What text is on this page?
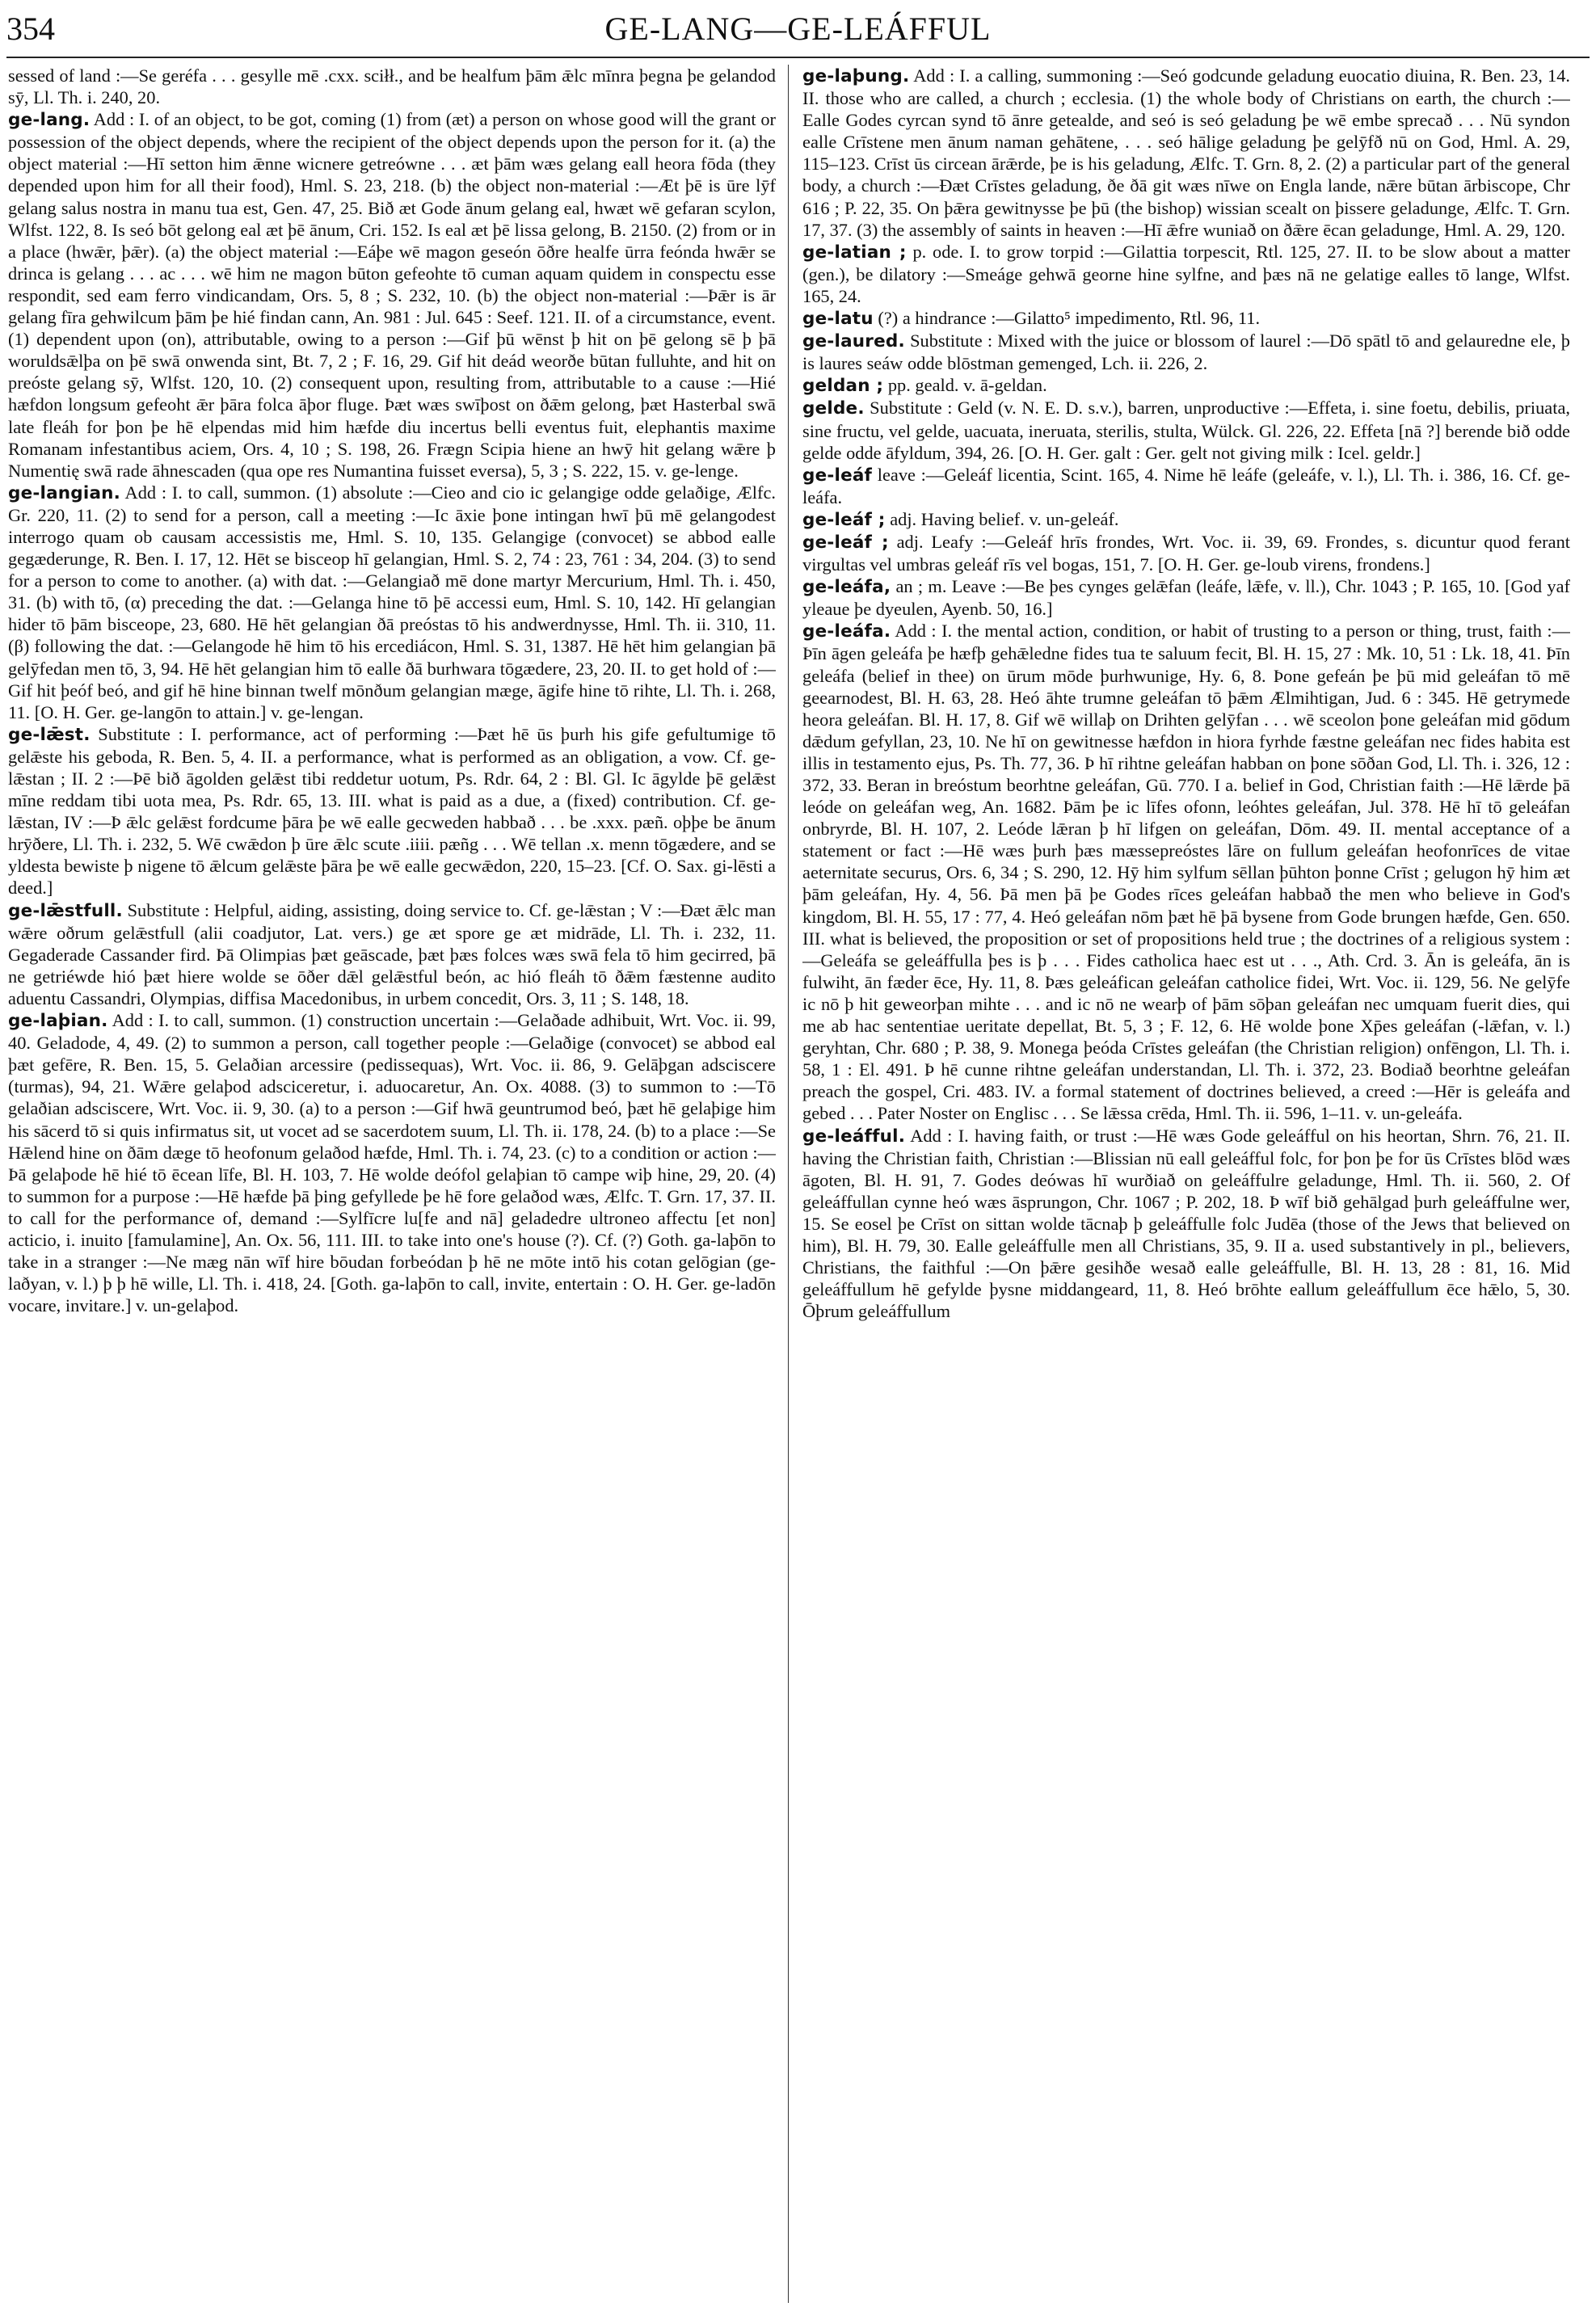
354	GE-LANG—GE-LEÁFFUL

sessed of land :—Se geréfa . . . gesylle mē .cxx. sciłł., and be healfum þām ǣlc mīnra þegna þe gelandod sȳ, Ll. Th. i. 240, 20.

ge-lang. Add : I. of an object, to be got, coming (1) from (æt) a person on whose good will the grant or possession of the object depends, where the recipient of the object depends upon the person for it. (a) the object material :—Hī setton him ǣnne wicnere getreówne . . . æt þām wæs gelang eall heora fōda (they depended upon him for all their food), Hml. S. 23, 218. (b) the object non-material :—Æt þē is ūre lȳf gelang salus nostra in manu tua est, Gen. 47, 25. Bið æt Gode ānum gelang eal, hwæt wē gefaran scylon, Wlfst. 122, 8. Is seó bōt gelong eal æt þē ānum, Cri. 152. Is eal æt þē lissa gelong, B. 2150. (2) from or in a place (hwǣr, þǣr). (a) the object material :—Eáþe wē magon geseón ōðre healfe ūrra feónda hwǣr se drinca is gelang . . . ac . . . wē him ne magon būton gefeohte tō cuman aquam quidem in conspectu esse respondit, sed eam ferro vindicandam, Ors. 5, 8 ; S. 232, 10. (b) the object non-material :—Þǣr is ār gelang fīra gehwilcum þām þe hié findan cann, An. 981 : Jul. 645 : Seef. 121. II. of a circumstance, event. (1) dependent upon (on), attributable, owing to a person :—Gif þū wēnst þ hit on þē gelong sē þ þā woruldsǣlþa on þē swā onwenda sint, Bt. 7, 2 ; F. 16, 29. Gif hit deád weorðe būtan fulluhte, and hit on preóste gelang sȳ, Wlfst. 120, 10. (2) consequent upon, resulting from, attributable to a cause :—Hié hæfdon longsum gefeoht ǣr þāra folca āþor fluge. Þæt wæs swīþost on ðǣm gelong, þæt Hasterbal swā late fleáh for þon þe hē elpendas mid him hæfde diu incertus belli eventus fuit, elephantis maxime Romanam infestantibus aciem, Ors. 4, 10 ; S. 198, 26. Frægn Scipia hiene an hwȳ hit gelang wǣre þ Numentię swā rade āhnescaden (qua ope res Numantina fuisset eversa), 5, 3 ; S. 222, 15. v. ge-lenge.

ge-langian. Add : I. to call, summon. (1) absolute :—Cieo and cio ic gelangige odde gelaðige, Ælfc. Gr. 220, 11. (2) to send for a person, call a meeting :—Ic āxie þone intingan hwī þū mē gelangodest interrogo quam ob causam accessistis me, Hml. S. 10, 135. Gelangige (convocet) se abbod ealle gegæderunge, R. Ben. I. 17, 12. Hēt se bisceop hī gelangian, Hml. S. 2, 74 : 23, 761 : 34, 204. (3) to send for a person to come to another. (a) with dat. :—Gelangiað mē done martyr Mercurium, Hml. Th. i. 450, 31. (b) with tō, (α) preceding the dat. :—Gelanga hine tō þē accessi eum, Hml. S. 10, 142. Hī gelangian hider tō þām bisceope, 23, 680. Hē hēt gelangian ðā preóstas tō his andwerdnysse, Hml. Th. ii. 310, 11. (β) following the dat. :—Gelangode hē him tō his ercediácon, Hml. S. 31, 1387. Hē hēt him gelangian þā gelȳfedan men tō, 3, 94. Hē hēt gelangian him tō ealle ðā burhwara tōgædere, 23, 20. II. to get hold of :—Gif hit þeóf beó, and gif hē hine binnan twelf mōnðum gelangian mæge, āgife hine tō rihte, Ll. Th. i. 268, 11. [O. H. Ger. ge-langōn to attain.] v. ge-lengan.

ge-lǣst. Substitute : I. performance, act of performing :—Þæt hē ūs þurh his gife gefultumige tō gelǣste his geboda, R. Ben. 5, 4. II. a performance, what is performed as an obligation, a vow. Cf. ge-lǣstan ; II. 2 :—Þē bið āgolden gelǣst tibi reddetur uotum, Ps. Rdr. 64, 2 : Bl. Gl. Ic āgylde þē gelǣst mīne reddam tibi uota mea, Ps. Rdr. 65, 13. III. what is paid as a due, a (fixed) contribution. Cf. ge-lǣstan, IV :—Þ ǣlc gelǣst fordcume þāra þe wē ealle gecweden habbað . . . be .xxx. pæñ. oþþe be ānum hrȳðere, Ll. Th. i. 232, 5. Wē cwǣdon þ ūre ǣlc scute .iiii. pæñg . . . Wē tellan .x. menn tōgædere, and se yldesta bewiste þ nigene tō ǣlcum gelǣste þāra þe wē ealle gecwǣdon, 220, 15–23. [Cf. O. Sax. gi-lēsti a deed.]

ge-lǣstfull. Substitute : Helpful, aiding, assisting, doing service to. Cf. ge-lǣstan ; V :—Ðæt ǣlc man wǣre oðrum gelǣstfull (alii coadjutor, Lat. vers.) ge æt spore ge æt midrāde, Ll. Th. i. 232, 11. Gegaderade Cassander fird. Þā Olimpias þæt geāscade, þæt þæs folces wæs swā fela tō him gecirred, þā ne getriéwde hió þæt hiere wolde se ōðer dǣl gelǣstful beón, ac hió fleáh tō ðǣm fæstenne audito aduentu Cassandri, Olympias, diffisa Macedonibus, in urbem concedit, Ors. 3, 11 ; S. 148, 18.

ge-laþian. Add : I. to call, summon. (1) construction uncertain :—Gelaðade adhibuit, Wrt. Voc. ii. 99, 40. Geladode, 4, 49. (2) to summon a person, call together people :—Gelaðige (convocet) se abbod eal þæt gefēre, R. Ben. 15, 5. Gelaðian arcessire (pedissequas), Wrt. Voc. ii. 86, 9. Gelāþgan adsciscere (turmas), 94, 21. Wǣre gelaþod adsciceretur, i. aduocaretur, An. Ox. 4088. (3) to summon to :—Tō gelaðian adsciscere, Wrt. Voc. ii. 9, 30. (a) to a person :—Gif hwā geuntrumod beó, þæt hē gelaþige him his sācerd tō si quis infirmatus sit, ut vocet ad se sacerdotem suum, Ll. Th. ii. 178, 24. (b) to a place :—Se Hǣlend hine on ðām dæge tō heofonum gelaðod hæfde, Hml. Th. i. 74, 23. (c) to a condition or action :—Þā gelaþode hē hié tō ēcean līfe, Bl. H. 103, 7. Hē wolde deófol gelaþian tō campe wiþ hine, 29, 20. (4) to summon for a purpose :—Hē hæfde þā þing gefyllede þe hē fore gelaðod wæs, Ælfc. T. Grn. 17, 37. II. to call for the performance of, demand :—Sylfīcre lu[fe and nā] geladedre ultroneo affectu [et non] acticio, i. inuito [famulamine], An. Ox. 56, 111. III. to take into one's house (?). Cf. (?) Goth. ga-laþōn to take in a stranger :—Ne mæg nān wīf hire bōudan forbeódan þ hē ne mōte intō his cotan gelōgian (ge-laðyan, v. l.) þ þ hē wille, Ll. Th. i. 418, 24. [Goth. ga-laþōn to call, invite, entertain : O. H. Ger. ge-ladōn vocare, invitare.] v. un-gelaþod.

ge-laþung. Add : I. a calling, summoning :—Seó godcunde geladung euocatio diuina, R. Ben. 23, 14. II. those who are called, a church ; ecclesia. (1) the whole body of Christians on earth, the church :—Ealle Godes cyrcan synd tō ānre getealde, and seó is seó geladung þe wē embe sprecað . . . Nū syndon ealle Crīstene men ānum naman gehātene, . . . seó hālige geladung þe gelȳfð nū on God, Hml. A. 29, 115–123. Crīst ūs circean ārǣrde, þe is his geladung, Ælfc. T. Grn. 8, 2. (2) a particular part of the general body, a church :—Ðæt Crīstes geladung, ðe ðā git wæs nīwe on Engla lande, nǣre būtan ārbiscope, Chr 616 ; P. 22, 35. On þǣra gewitnysse þe þū (the bishop) wissian scealt on þissere geladunge, Ælfc. T. Grn. 17, 37. (3) the assembly of saints in heaven :—Hī ǣfre wuniað on ðǣre ēcan geladunge, Hml. A. 29, 120.

ge-latian ; p. ode. I. to grow torpid :—Gilattia torpescit, Rtl. 125, 27. II. to be slow about a matter (gen.), be dilatory :—Smeáge gehwā georne hine sylfne, and þæs nā ne gelatige ealles tō lange, Wlfst. 165, 24.

ge-latu (?) a hindrance :—Gilatto⁵ impedimento, Rtl. 96, 11.

ge-laured. Substitute : Mixed with the juice or blossom of laurel :—Dō spātl tō and gelauredne ele, þ is laures seáw odde blōstman gemenged, Lch. ii. 226, 2.

geldan ; pp. geald. v. ā-geldan.

gelde. Substitute : Geld (v. N. E. D. s.v.), barren, unproductive :—Effeta, i. sine foetu, debilis, priuata, sine fructu, vel gelde, uacuata, ineruata, sterilis, stulta, Wülck. Gl. 226, 22. Effeta [nā ?] berende bið odde gelde odde āfyldum, 394, 26. [O. H. Ger. galt : Ger. gelt not giving milk : Icel. geldr.]

ge-leáf leave :—Geleáf licentia, Scint. 165, 4. Nime hē leáfe (geleáfe, v. l.), Ll. Th. i. 386, 16. Cf. ge-leáfa.

ge-leáf ; adj. Having belief. v. un-geleáf.

ge-leáf ; adj. Leafy :—Geleáf hrīs frondes, Wrt. Voc. ii. 39, 69. Frondes, s. dicuntur quod ferant virgultas vel umbras geleáf rīs vel bogas, 151, 7. [O. H. Ger. ge-loub virens, frondens.]

ge-leáfa, an ; m. Leave :—Be þes cynges gelǣfan (leáfe, lǣfe, v. ll.), Chr. 1043 ; P. 165, 10. [God yaf yleaue þe dyeulen, Ayenb. 50, 16.]

ge-leáfa. Add : I. the mental action, condition, or habit of trusting to a person or thing, trust, faith :—Þīn āgen geleáfa þe hæfþ gehǣledne fides tua te saluum fecit, Bl. H. 15, 27 : Mk. 10, 51 : Lk. 18, 41. Þīn geleáfa (belief in thee) on ūrum mōde þurhwunige, Hy. 6, 8. Þone gefeán þe þū mid geleáfan tō mē geearnodest, Bl. H. 63, 28. Heó āhte trumne geleáfan tō þǣm Ælmihtigan, Jud. 6 : 345. Hē getrymede heora geleáfan. Bl. H. 17, 8. Gif wē willaþ on Drihten gelȳfan . . . wē sceolon þone geleáfan mid gōdum dǣdum gefyllan, 23, 10. Ne hī on gewitnesse hæfdon in hiora fyrhde fæstne geleáfan nec fides habita est illis in testamento ejus, Ps. Th. 77, 36. Þ hī rihtne geleáfan habban on þone sōðan God, Ll. Th. i. 326, 12 : 372, 33. Beran in breóstum beorhtne geleáfan, Gū. 770. I a. belief in God, Christian faith :—Hē lǣrde þā leóde on geleáfan weg, An. 1682. Þām þe ic līfes ofonn, leóhtes geleáfan, Jul. 378. Hē hī tō geleáfan onbryrde, Bl. H. 107, 2. Leóde lǣran þ hī lifgen on geleáfan, Dōm. 49. II. mental acceptance of a statement or fact :—Hē wæs þurh þæs mæssepreóstes lāre on fullum geleáfan heofonrīces de vitae aeternitate securus, Ors. 6, 34 ; S. 290, 12. Hȳ him sylfum sēllan þūhton þonne Crīst ; gelugon hȳ him æt þām geleáfan, Hy. 4, 56. Þā men þā þe Godes rīces geleáfan habbað the men who believe in God's kingdom, Bl. H. 55, 17 : 77, 4. Heó geleáfan nōm þæt hē þā bysene from Gode brungen hæfde, Gen. 650. III. what is believed, the proposition or set of propositions held true ; the doctrines of a religious system :—Geleáfa se geleáffulla þes is þ . . . Fides catholica haec est ut . . ., Ath. Crd. 3. Ān is geleáfa, ān is fulwiht, ān fæder ēce, Hy. 11, 8. Þæs geleáfican geleáfan catholice fidei, Wrt. Voc. ii. 129, 56. Ne gelȳfe ic nō þ hit geweorþan mihte . . . and ic nō ne wearþ of þām sōþan geleáfan nec umquam fuerit dies, qui me ab hac sententiae ueritate depellat, Bt. 5, 3 ; F. 12, 6. Hē wolde þone Xp̄es geleáfan (-lǣfan, v. l.) geryhtan, Chr. 680 ; P. 38, 9. Monega þeóda Crīstes geleáfan (the Christian religion) onfēngon, Ll. Th. i. 58, 1 : El. 491. Þ hē cunne rihtne geleáfan understandan, Ll. Th. i. 372, 23. Bodiað beorhtne geleáfan preach the gospel, Cri. 483. IV. a formal statement of doctrines believed, a creed :—Hēr is geleáfa and gebed . . . Pater Noster on Englisc . . . Se lǣssa crēda, Hml. Th. ii. 596, 1–11. v. un-geleáfa.

ge-leáfful. Add : I. having faith, or trust :—Hē wæs Gode geleáfful on his heortan, Shrn. 76, 21. II. having the Christian faith, Christian :—Blissian nū eall geleáfful folc, for þon þe for ūs Crīstes blōd wæs āgoten, Bl. H. 91, 7. Godes deówas hī wurðiað on geleáffulre geladunge, Hml. Th. ii. 560, 2. Of geleáffullan cynne heó wæs āsprungon, Chr. 1067 ; P. 202, 18. Þ wīf bið gehālgad þurh geleáffulne wer, 15. Se eosel þe Crīst on sittan wolde tācnaþ þ geleáffulle folc Judēa (those of the Jews that believed on him), Bl. H. 79, 30. Ealle geleáffulle men all Christians, 35, 9. II a. used substantively in pl., believers, Christians, the faithful :—On þǣre gesihðe wesað ealle geleáffulle, Bl. H. 13, 28 : 81, 16. Mid geleáffullum hē gefylde þysne middangeard, 11, 8. Heó brōhte eallum geleáffullum ēce hǣlo, 5, 30. Ōþrum geleáffullum
